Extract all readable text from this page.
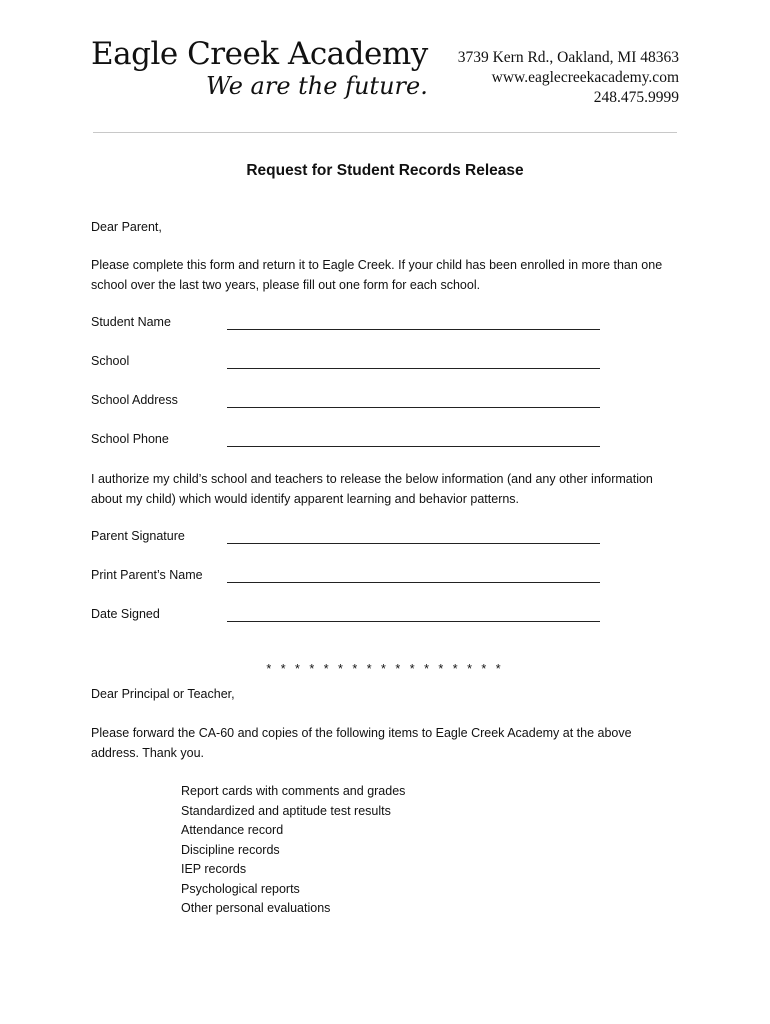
Eagle Creek Academy
We are the future.
3739 Kern Rd., Oakland, MI 48363
www.eaglecreekacademy.com
248.475.9999
Request for Student Records Release
Dear Parent,
Please complete this form and return it to Eagle Creek. If your child has been enrolled in more than one
school over the last two years, please fill out one form for each school.
Student Name
School
School Address
School Phone
I authorize my child’s school and teachers to release the below information (and any other information
about my child) which would identify apparent learning and behavior patterns.
Parent Signature
Print Parent’s Name
Date Signed
* * * * * * * * * * * * * * * * *
Dear Principal or Teacher,
Please forward the CA-60 and copies of the following items to Eagle Creek Academy at the above
address. Thank you.
Report cards with comments and grades
Standardized and aptitude test results
Attendance record
Discipline records
IEP records
Psychological reports
Other personal evaluations
